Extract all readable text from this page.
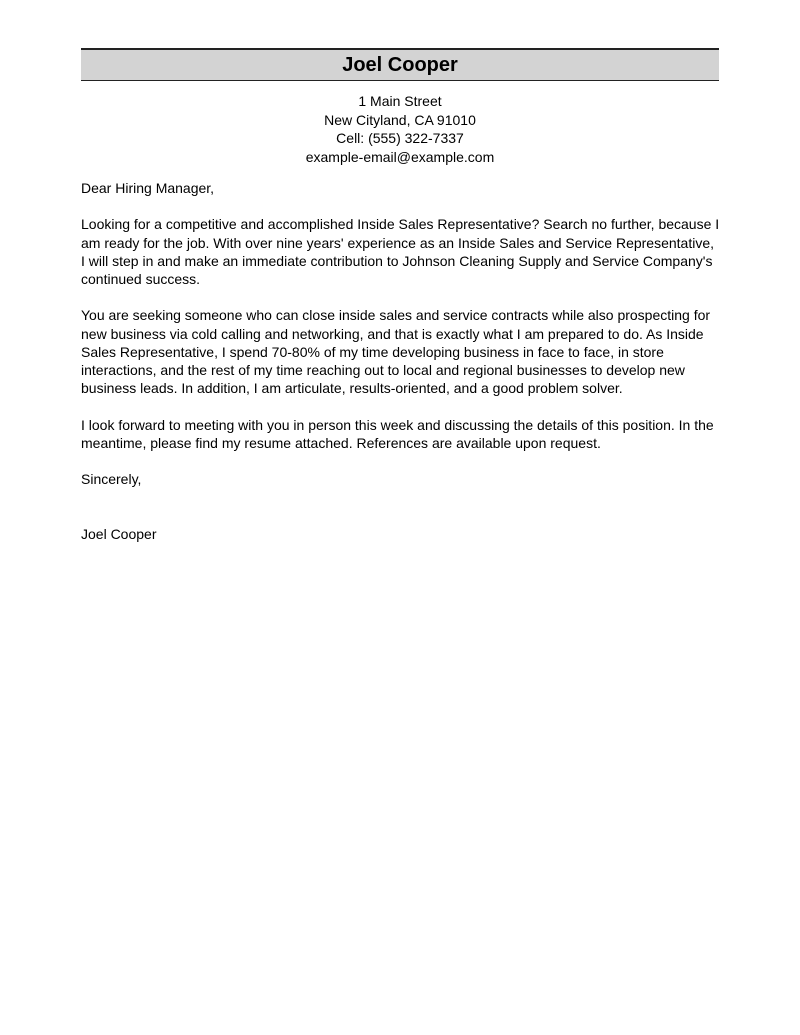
Joel Cooper
1 Main Street
New Cityland, CA 91010
Cell: (555) 322-7337
example-email@example.com

Dear Hiring Manager,

Looking for a competitive and accomplished Inside Sales Representative? Search no further, because I am ready for the job. With over nine years' experience as an Inside Sales and Service Representative, I will step in and make an immediate contribution to Johnson Cleaning Supply and Service Company's continued success.

You are seeking someone who can close inside sales and service contracts while also prospecting for new business via cold calling and networking, and that is exactly what I am prepared to do. As Inside Sales Representative, I spend 70-80% of my time developing business in face to face, in store interactions, and the rest of my time reaching out to local and regional businesses to develop new business leads. In addition, I am articulate, results-oriented, and a good problem solver.

I look forward to meeting with you in person this week and discussing the details of this position. In the meantime, please find my resume attached. References are available upon request.

Sincerely,

Joel Cooper
